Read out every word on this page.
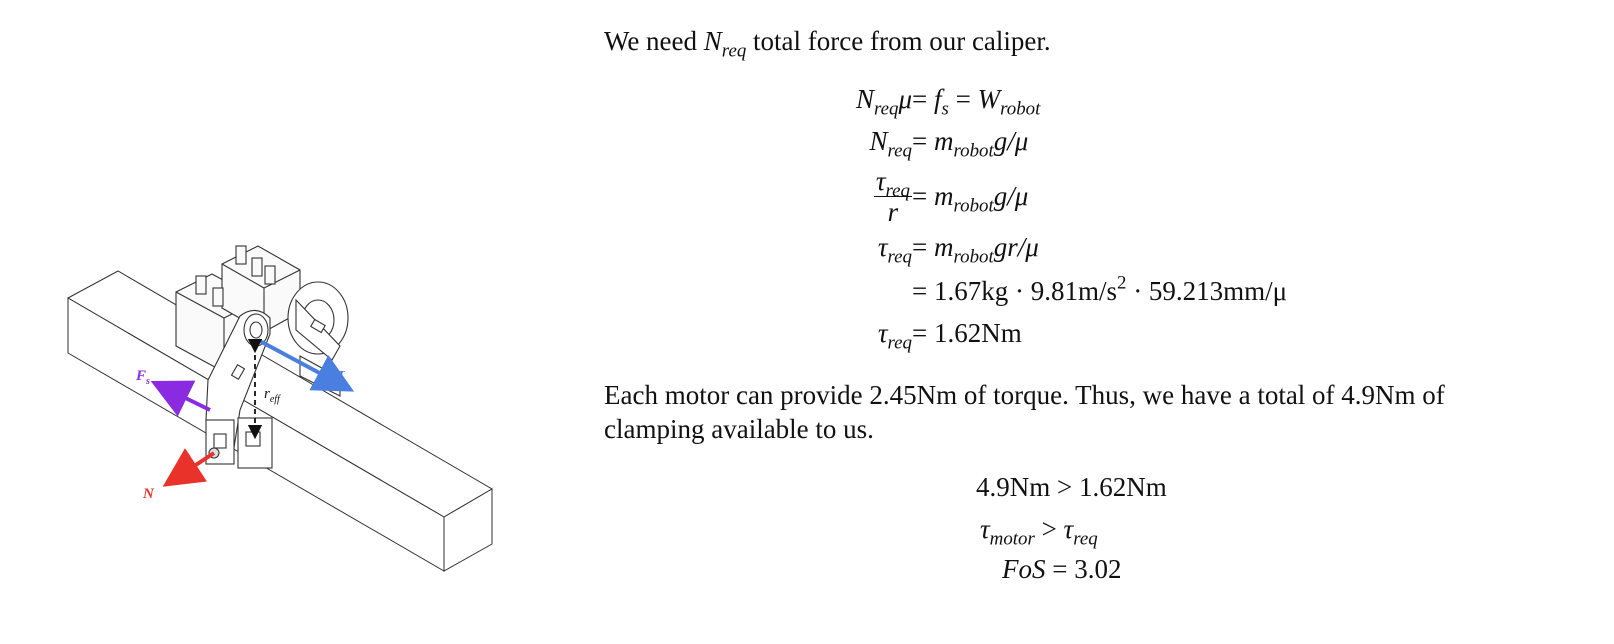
$F_s$	τ
$r_{eff}$
N
We need $N_{req}$ total force from our caliper.
$N_{req}\mu = f_s = W_{robot}$
$N_{req} = m_{robot}g/\mu$
$\frac{\tau_{req}}{r} = m_{robot}g/\mu$
$\tau_{req} = m_{robot}gr/\mu$
= $1.67kg \cdot 9.81m/s^2 \cdot 59.213mm/\mu$
$\tau_{req} = 1.62Nm$
Each motor can provide 2.45Nm of torque. Thus, we have a total of 4.9Nm of
clamping available to us.
4.9Nm > 1.62Nm
$\tau_{motor} > \tau_{req}$
FoS = 3.02
